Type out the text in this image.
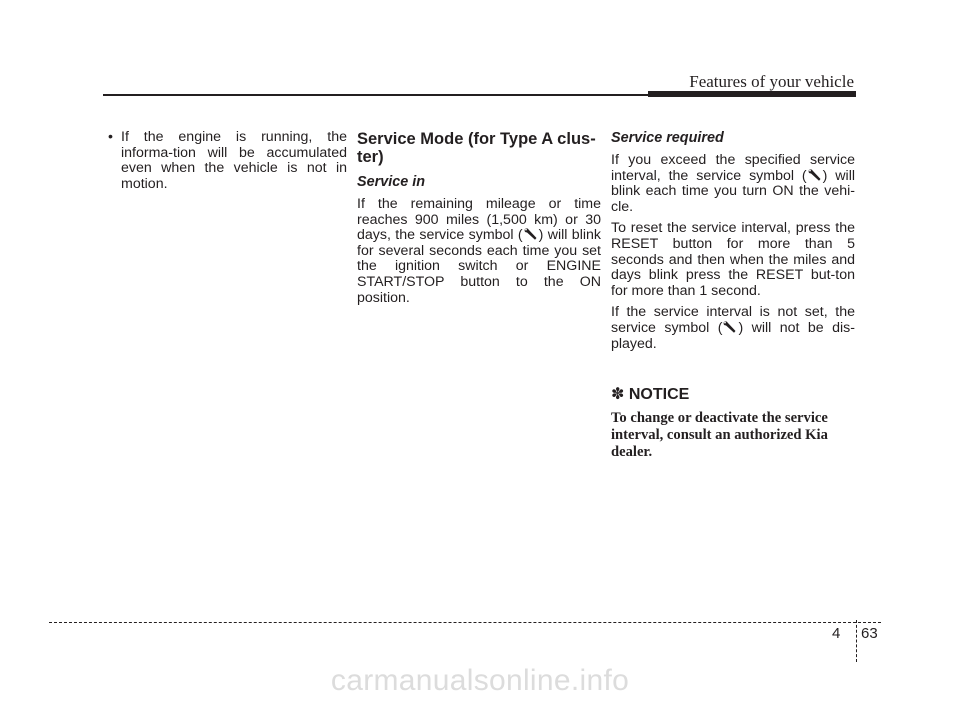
Features of your vehicle

• If the engine is running, the informa-tion will be accumulated even when the vehicle is not in motion.

Service Mode (for Type A clus-
ter)
Service in

If the remaining mileage or time reaches 900 miles (1,500 km) or 30 days, the service symbol ( ) will blink for several seconds each time you set the ignition switch or ENGINE START/STOP button to the ON position.

Service required

If you exceed the specified service interval, the service symbol ( ) will blink each time you turn ON the vehi-cle.

To reset the service interval, press the RESET button for more than 5 seconds and then when the miles and days blink press the RESET but-ton for more than 1 second.

If the service interval is not set, the service symbol ( ) will not be dis-played.

✽ NOTICE

To change or deactivate the service interval, consult an authorized Kia dealer.

4 63
carmanualsonline.info
